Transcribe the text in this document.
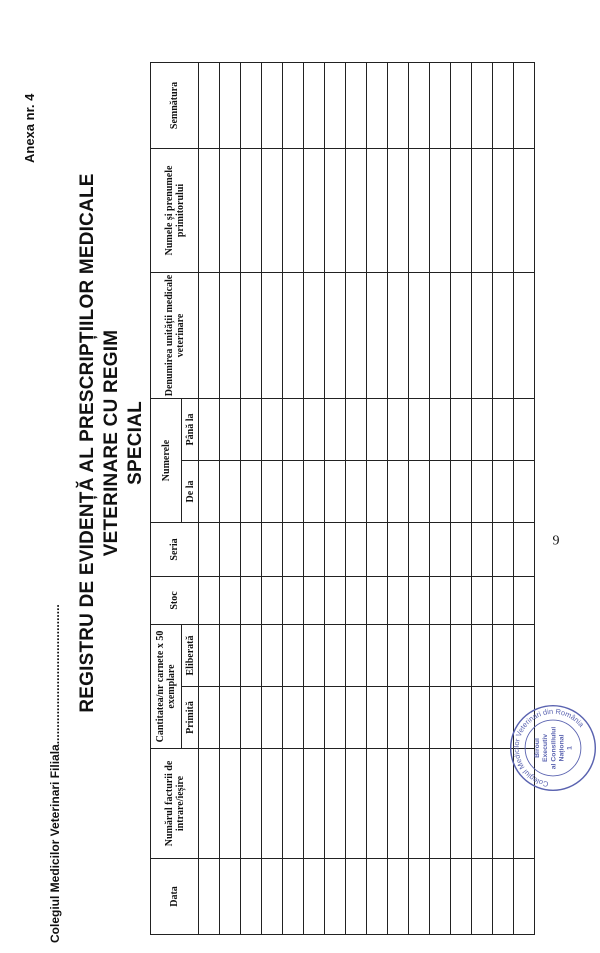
Anexa nr. 4
Colegiul Medicilor Veterinari Filiala..........................................
REGISTRU DE EVIDENȚĂ AL PRESCRIPȚIILOR MEDICALE VETERINARE CU REGIM SPECIAL
Data	Numărul facturii de intrare/ieșire	Cantitatea/nr carnete x 50 exemplare		Stoc	Seria	Numerele		Denumirea unității medicale veterinare	Numele și prenumele primitorului	Semnătura
		Primită	Eliberată			De la	Până la			

9
Colegiul Medicilor Veterinari din România
Biroul Executiv al Consiliului Național 1
